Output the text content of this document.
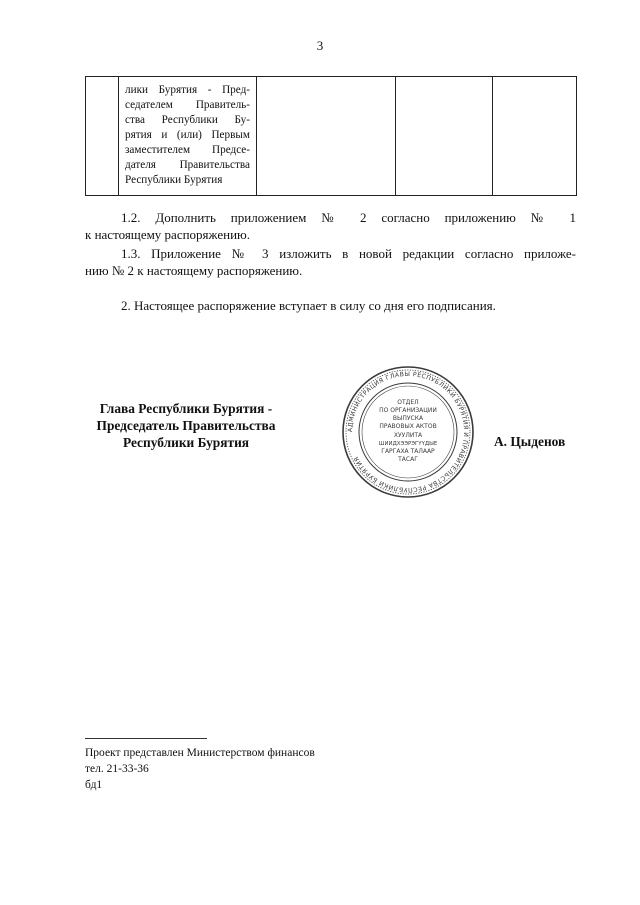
3

лики Бурятия - Пред-
седателем Правитель-
ства Республики Бу-
рятия и (или) Первым
заместителем Предсе-
дателя Правительства
Республики Бурятия

1.2. Дополнить приложением № 2 согласно приложению № 1
к настоящему распоряжению.
1.3. Приложение № 3 изложить в новой редакции согласно приложе-
нию № 2 к настоящему распоряжению.
2. Настоящее распоряжение вступает в силу со дня его подписания.
Глава Республики Бурятия -
Председатель Правительства
Республики Бурятия
АДМИНИСТРАЦИЯ ГЛАВЫ РЕСПУБЛИКИ БУРЯТИЯ И ПРАВИТЕЛЬСТВА РЕСПУБЛИКИ БУРЯТИЯ
ОТДЕЛ
ПО ОРГАНИЗАЦИИ
ВЫПУСКА
ПРАВОВЫХ АКТОВ
ХУУЛИТА
ШИИДХЭЭРЭГҮҮДЫЕ
ГАРГАХА ТАЛААР
ТАСАГ
А. Цыденов
Проект представлен Министерством финансов
тел. 21-33-36
бд1
